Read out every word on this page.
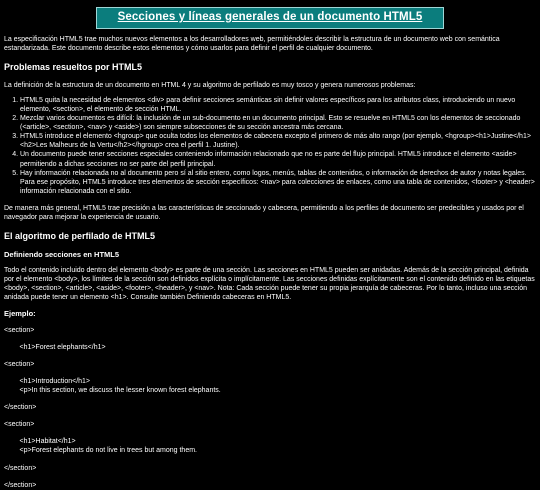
Secciones y líneas generales de un documento HTML5

La especificación HTML5 trae muchos nuevos elementos a los desarrolladores web, permitiéndoles describir la estructura de un documento web con semántica estandarizada. Este documento describe estos elementos y cómo usarlos para definir el perfil de cualquier documento.

Problemas resueltos por HTML5

La definición de la estructura de un documento en HTML 4 y su algoritmo de perfilado es muy tosco y genera numerosos problemas:

1. HTML5 quita la necesidad de elementos <div> para definir secciones semánticas sin definir valores específicos para los atributos class, introduciendo un nuevo elemento, <section>, el elemento de sección HTML.
2. Mezclar varios documentos es difícil: la inclusión de un sub-documento en un documento principal. Esto se resuelve en HTML5 con los elementos de seccionado (<article>, <section>, <nav> y <aside>) son siempre subsecciones de su sección ancestra más cercana.
3. HTML5 introduce el elemento <hgroup> que oculta todos los elementos de cabecera excepto el primero de más alto rango (por ejemplo, <hgroup><h1>Justine</h1><h2>Les Malheurs de la Vertu</h2></hgroup> crea el perfil 1. Justine).
4. Un documento puede tener secciones especiales conteniendo información relacionado que no es parte del flujo principal. HTML5 introduce el elemento <aside> permitiendo a dichas secciones no ser parte del perfil principal.
5. Hay información relacionada no al documento pero sí al sitio entero, como logos, menús, tablas de contenidos, o información de derechos de autor y notas legales. Para ese propósito, HTML5 introduce tres elementos de sección específicos: <nav> para colecciones de enlaces, como una tabla de contenidos, <footer> y <header> información relacionada con el sitio.

De manera más general, HTML5 trae precisión a las características de seccionado y cabecera, permitiendo a los perfiles de documento ser predecibles y usados por el navegador para mejorar la experiencia de usuario.

El algoritmo de perfilado de HTML5
Definiendo secciones en HTML5

Todo el contenido incluido dentro del elemento <body> es parte de una sección. Las secciones en HTML5 pueden ser anidadas. Además de la sección principal, definida por el elemento <body>, los límites de la sección son definidos explícita o implícitamente. Las secciones definidas explícitamente son el contenido definido en las etiquetas <body>, <section>, <article>, <aside>, <footer>, <header>, y <nav>. Nota: Cada sección puede tener su propia jerarquía de cabeceras. Por lo tanto, incluso una sección anidada puede tener un elemento <h1>. Consulte también Definiendo cabeceras en HTML5.

Ejemplo:
<section>
<h1>Forest elephants</h1>
<section>
<h1>Introduction</h1>
<p>In this section, we discuss the lesser known forest elephants.
</section>
<section>
<h1>Habitat</h1>
<p>Forest elephants do not live in trees but among them.
</section>
</section>
